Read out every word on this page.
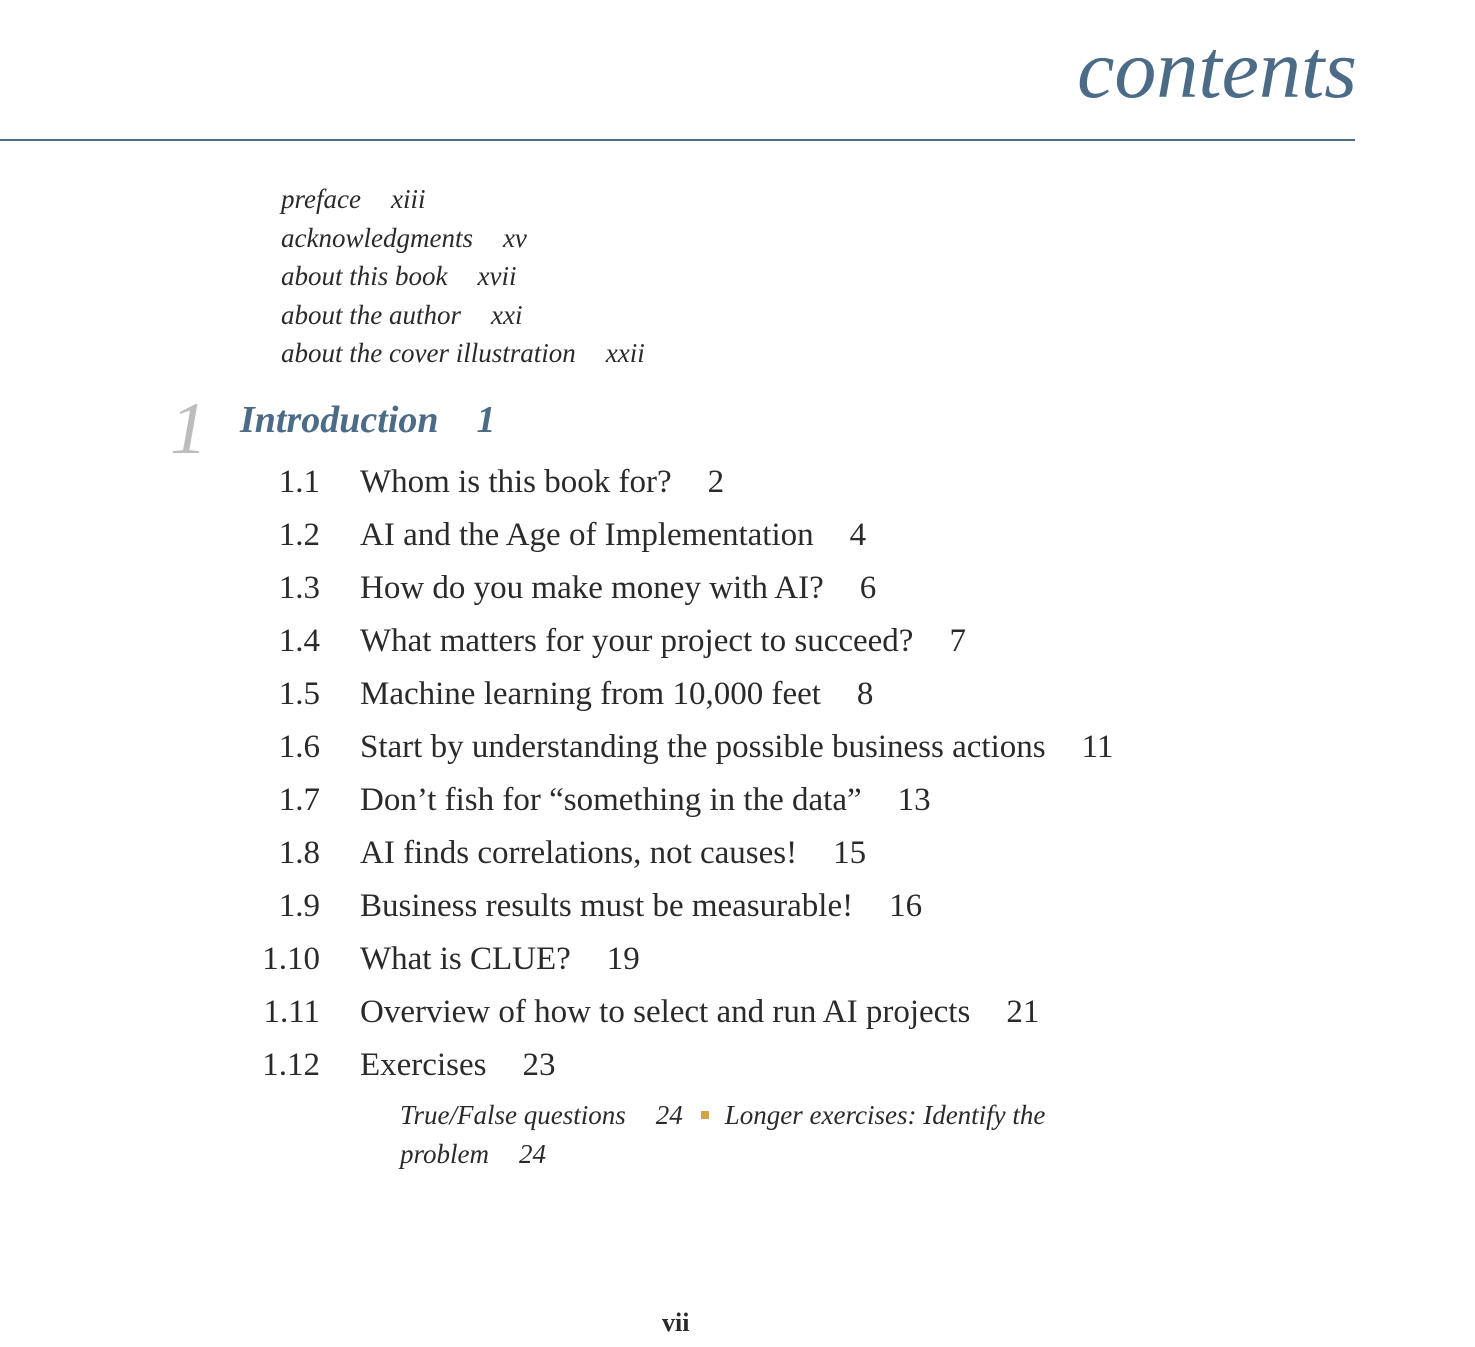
contents
preface xiii
acknowledgments xv
about this book xvii
about the author xxi
about the cover illustration xxii
1 Introduction 1
1.1 Whom is this book for? 2
1.2 AI and the Age of Implementation 4
1.3 How do you make money with AI? 6
1.4 What matters for your project to succeed? 7
1.5 Machine learning from 10,000 feet 8
1.6 Start by understanding the possible business actions 11
1.7 Don’t fish for “something in the data” 13
1.8 AI finds correlations, not causes! 15
1.9 Business results must be measurable! 16
1.10 What is CLUE? 19
1.11 Overview of how to select and run AI projects 21
1.12 Exercises 23
True/False questions 24 Longer exercises: Identify the problem 24
vii
